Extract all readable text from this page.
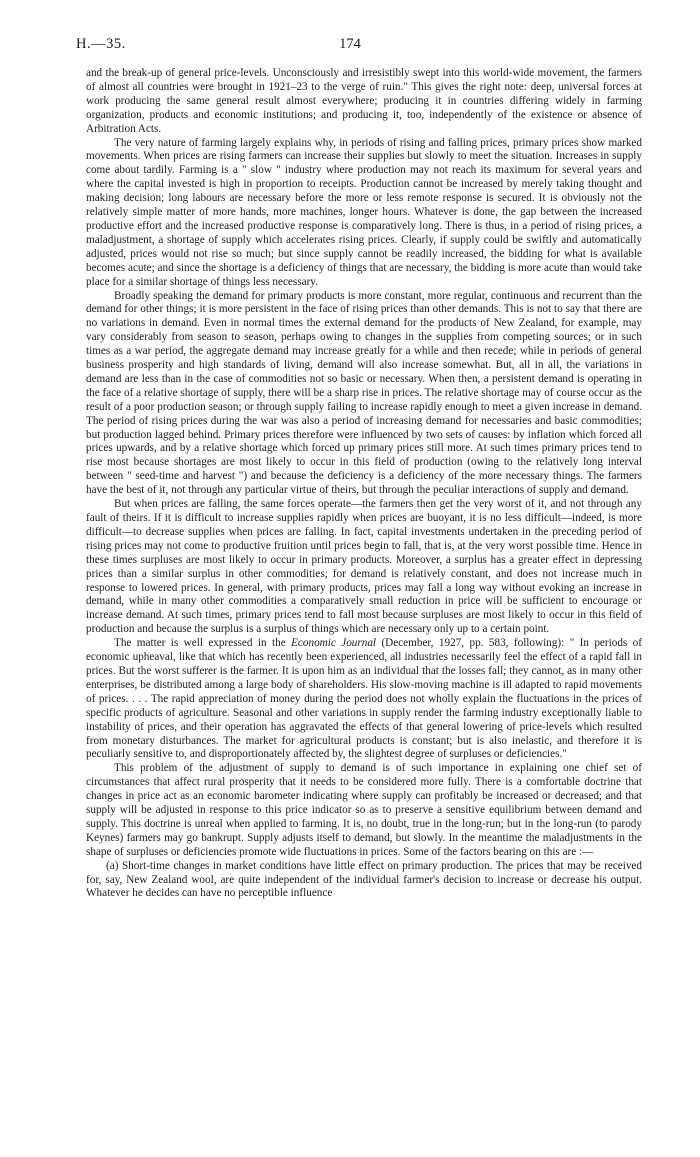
H.—35.	174

and the break-up of general price-levels. Unconsciously and irresistibly swept into this world-wide movement, the farmers of almost all countries were brought in 1921–23 to the verge of ruin." This gives the right note: deep, universal forces at work producing the same general result almost everywhere; producing it in countries differing widely in farming organization, products and economic institutions; and producing it, too, independently of the existence or absence of Arbitration Acts.

The very nature of farming largely explains why, in periods of rising and falling prices, primary prices show marked movements. When prices are rising farmers can increase their supplies but slowly to meet the situation. Increases in supply come about tardily. Farming is a " slow " industry where production may not reach its maximum for several years and where the capital invested is high in proportion to receipts. Production cannot be increased by merely taking thought and making decision; long labours are necessary before the more or less remote response is secured. It is obviously not the relatively simple matter of more hands, more machines, longer hours. Whatever is done, the gap between the increased productive effort and the increased productive response is comparatively long. There is thus, in a period of rising prices, a maladjustment, a shortage of supply which accelerates rising prices. Clearly, if supply could be swiftly and automatically adjusted, prices would not rise so much; but since supply cannot be readily increased, the bidding for what is available becomes acute; and since the shortage is a deficiency of things that are necessary, the bidding is more acute than would take place for a similar shortage of things less necessary.

Broadly speaking the demand for primary products is more constant, more regular, continuous and recurrent than the demand for other things; it is more persistent in the face of rising prices than other demands. This is not to say that there are no variations in demand. Even in normal times the external demand for the products of New Zealand, for example, may vary considerably from season to season, perhaps owing to changes in the supplies from competing sources; or in such times as a war period, the aggregate demand may increase greatly for a while and then recede; while in periods of general business prosperity and high standards of living, demand will also increase somewhat. But, all in all, the variations in demand are less than in the case of commodities not so basic or necessary. When then, a persistent demand is operating in the face of a relative shortage of supply, there will be a sharp rise in prices. The relative shortage may of course occur as the result of a poor production season; or through supply failing to increase rapidly enough to meet a given increase in demand. The period of rising prices during the war was also a period of increasing demand for necessaries and basic commodities; but production lagged behind. Primary prices therefore were influenced by two sets of causes: by inflation which forced all prices upwards, and by a relative shortage which forced up primary prices still more. At such times primary prices tend to rise most because shortages are most likely to occur in this field of production (owing to the relatively long interval between " seed-time and harvest ") and because the deficiency is a deficiency of the more necessary things. The farmers have the best of it, not through any particular virtue of theirs, but through the peculiar interactions of supply and demand.

But when prices are falling, the same forces operate—the farmers then get the very worst of it, and not through any fault of theirs. If it is difficult to increase supplies rapidly when prices are buoyant, it is no less difficult—indeed, is more difficult—to decrease supplies when prices are falling. In fact, capital investments undertaken in the preceding period of rising prices may not come to productive fruition until prices begin to fall, that is, at the very worst possible time. Hence in these times surpluses are most likely to occur in primary products. Moreover, a surplus has a greater effect in depressing prices than a similar surplus in other commodities; for demand is relatively constant, and does not increase much in response to lowered prices. In general, with primary products, prices may fall a long way without evoking an increase in demand, while in many other commodities a comparatively small reduction in price will be sufficient to encourage or increase demand. At such times, primary prices tend to fall most because surpluses are most likely to occur in this field of production and because the surplus is a surplus of things which are necessary only up to a certain point.

The matter is well expressed in the Economic Journal (December, 1927, pp. 583, following): " In periods of economic upheaval, like that which has recently been experienced, all industries necessarily feel the effect of a rapid fall in prices. But the worst sufferer is the farmer. It is upon him as an individual that the losses fall; they cannot, as in many other enterprises, be distributed among a large body of shareholders. His slow-moving machine is ill adapted to rapid movements of prices. . . . The rapid appreciation of money during the period does not wholly explain the fluctuations in the prices of specific products of agriculture. Seasonal and other variations in supply render the farming industry exceptionally liable to instability of prices, and their operation has aggravated the effects of that general lowering of price-levels which resulted from monetary disturbances. The market for agricultural products is constant; but is also inelastic, and therefore it is peculiarly sensitive to, and disproportionately affected by, the slightest degree of surpluses or deficiencies."

This problem of the adjustment of supply to demand is of such importance in explaining one chief set of circumstances that affect rural prosperity that it needs to be considered more fully. There is a comfortable doctrine that changes in price act as an economic barometer indicating where supply can profitably be increased or decreased; and that supply will be adjusted in response to this price indicator so as to preserve a sensitive equilibrium between demand and supply. This doctrine is unreal when applied to farming. It is, no doubt, true in the long-run; but in the long-run (to parody Keynes) farmers may go bankrupt. Supply adjusts itself to demand, but slowly. In the meantime the maladjustments in the shape of surpluses or deficiencies promote wide fluctuations in prices. Some of the factors bearing on this are :—

(a) Short-time changes in market conditions have little effect on primary production. The prices that may be received for, say, New Zealand wool, are quite independent of the individual farmer's decision to increase or decrease his output. Whatever he decides can have no perceptible influence
